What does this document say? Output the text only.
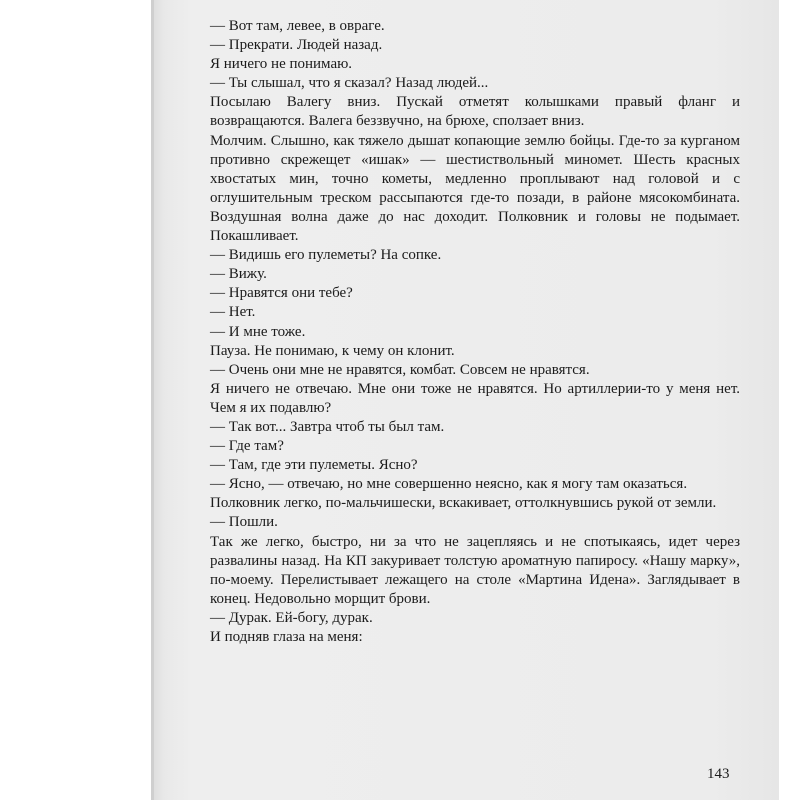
— Вот там, левее, в овраге.

— Прекрати. Людей назад.

Я ничего не понимаю.

— Ты слышал, что я сказал? Назад людей...

Посылаю Валегу вниз. Пускай отметят колышками правый фланг и возвращаются. Валега беззвучно, на брюхе, сползает вниз.

Молчим. Слышно, как тяжело дышат копающие землю бойцы. Где-то за курганом противно скрежещет «ишак» — шестиствольный миномет. Шесть красных хвостатых мин, точно кометы, медленно проплывают над головой и с оглушительным треском рассыпаются где-то позади, в районе мясокомбината. Воздушная волна даже до нас доходит. Полковник и головы не подымает. Покашливает.

— Видишь его пулеметы? На сопке.

— Вижу.

— Нравятся они тебе?

— Нет.

— И мне тоже.

Пауза. Не понимаю, к чему он клонит.

— Очень они мне не нравятся, комбат. Совсем не нравятся.

Я ничего не отвечаю. Мне они тоже не нравятся. Но артиллерии-то у меня нет. Чем я их подавлю?

— Так вот... Завтра чтоб ты был там.

— Где там?

— Там, где эти пулеметы. Ясно?

— Ясно, — отвечаю, но мне совершенно неясно, как я могу там оказаться.

Полковник легко, по-мальчишески, вскакивает, оттолкнувшись рукой от земли.

— Пошли.

Так же легко, быстро, ни за что не зацепляясь и не спотыкаясь, идет через развалины назад. На КП закуривает толстую ароматную папиросу. «Нашу марку», по-моему. Перелистывает лежащего на столе «Мартина Идена». Заглядывает в конец. Недовольно морщит брови.

— Дурак. Ей-богу, дурак.

И подняв глаза на меня:

143
